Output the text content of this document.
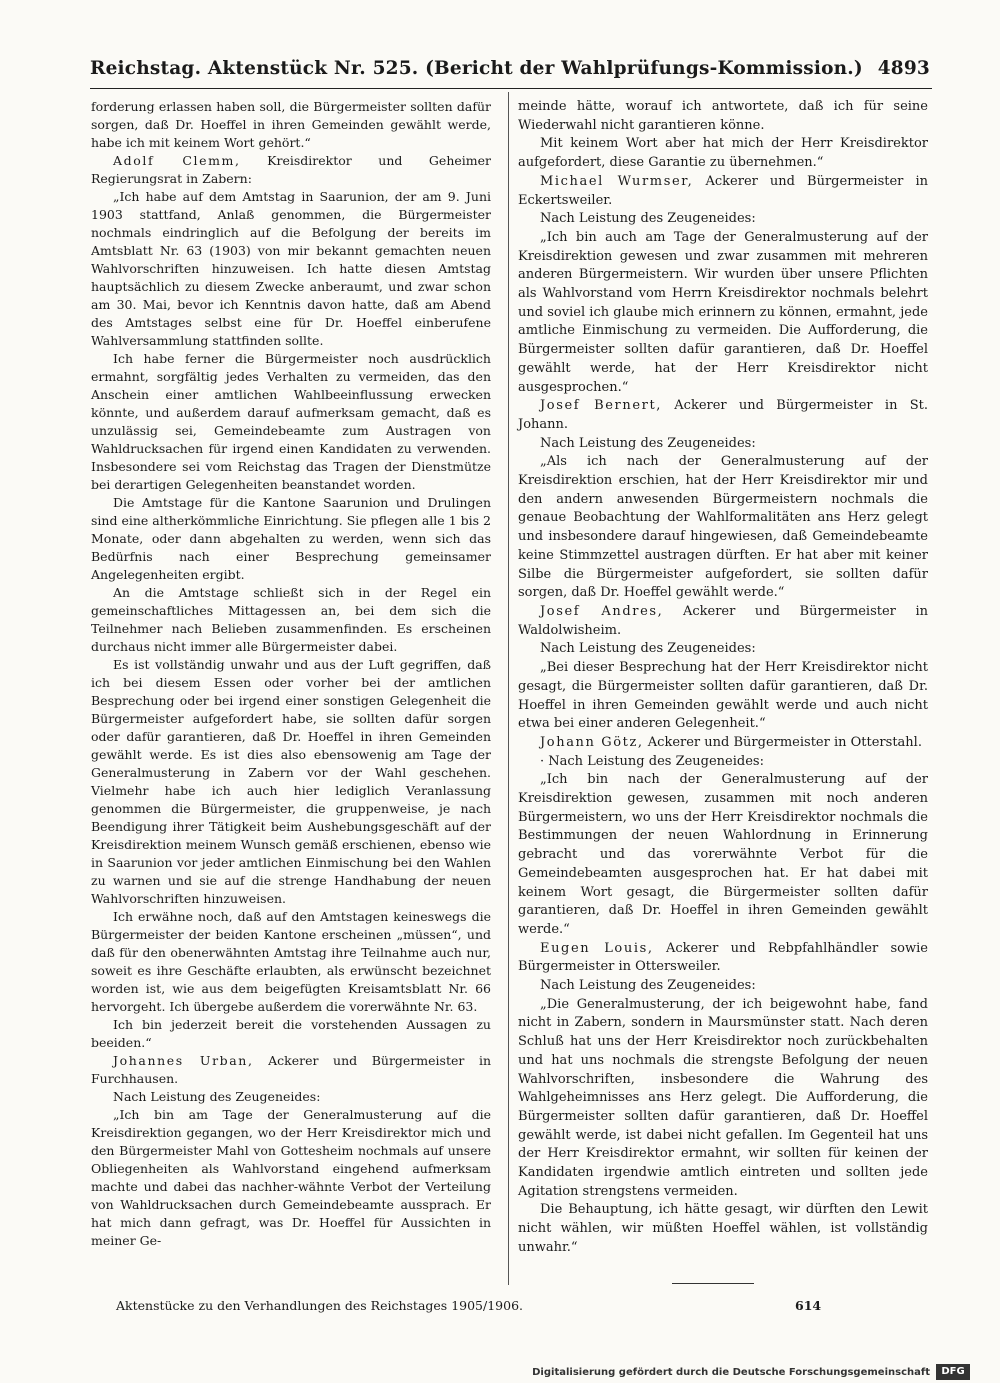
Reichstag. Aktenstück Nr. 525. (Bericht der Wahlprüfungs-Kommission.) 4893

forderung erlassen haben soll, die Bürgermeister sollten dafür sorgen, daß Dr. Hoeffel in ihren Gemeinden gewählt werde, habe ich mit keinem Wort gehört.“

Adolf Clemm, Kreisdirektor und Geheimer Regierungsrat in Zabern:

„Ich habe auf dem Amtstag in Saarunion, der am 9. Juni 1903 stattfand, Anlaß genommen, die Bürgermeister nochmals eindringlich auf die Befolgung der bereits im Amtsblatt Nr. 63 (1903) von mir bekannt gemachten neuen Wahlvorschriften hinzuweisen. Ich hatte diesen Amtstag hauptsächlich zu diesem Zwecke anberaumt, und zwar schon am 30. Mai, bevor ich Kenntnis davon hatte, daß am Abend des Amtstages selbst eine für Dr. Hoeffel einberufene Wahlversammlung stattfinden sollte.

Ich habe ferner die Bürgermeister noch ausdrücklich ermahnt, sorgfältig jedes Verhalten zu vermeiden, das den Anschein einer amtlichen Wahlbeeinflussung erwecken könnte, und außerdem darauf aufmerksam gemacht, daß es unzulässig sei, Gemeindebeamte zum Austragen von Wahldrucksachen für irgend einen Kandidaten zu verwenden. Insbesondere sei vom Reichstag das Tragen der Dienstmütze bei derartigen Gelegenheiten beanstandet worden.

Die Amtstage für die Kantone Saarunion und Drulingen sind eine altherkömmliche Einrichtung. Sie pflegen alle 1 bis 2 Monate, oder dann abgehalten zu werden, wenn sich das Bedürfnis nach einer Besprechung gemeinsamer Angelegenheiten ergibt.

An die Amtstage schließt sich in der Regel ein gemeinschaftliches Mittagessen an, bei dem sich die Teilnehmer nach Belieben zusammenfinden. Es erscheinen durchaus nicht immer alle Bürgermeister dabei.

Es ist vollständig unwahr und aus der Luft gegriffen, daß ich bei diesem Essen oder vorher bei der amtlichen Besprechung oder bei irgend einer sonstigen Gelegenheit die Bürgermeister aufgefordert habe, sie sollten dafür sorgen oder dafür garantieren, daß Dr. Hoeffel in ihren Gemeinden gewählt werde. Es ist dies also ebensowenig am Tage der Generalmusterung in Zabern vor der Wahl geschehen. Vielmehr habe ich auch hier lediglich Veranlassung genommen die Bürgermeister, die gruppenweise, je nach Beendigung ihrer Tätigkeit beim Aushebungsgeschäft auf der Kreisdirektion meinem Wunsch gemäß erschienen, ebenso wie in Saarunion vor jeder amtlichen Einmischung bei den Wahlen zu warnen und sie auf die strenge Handhabung der neuen Wahlvorschriften hinzuweisen.

Ich erwähne noch, daß auf den Amtstagen keineswegs die Bürgermeister der beiden Kantone erscheinen „müssen“, und daß für den obenerwähnten Amtstag ihre Teilnahme auch nur, soweit es ihre Geschäfte erlaubten, als erwünscht bezeichnet worden ist, wie aus dem beigefügten Kreisamtsblatt Nr. 66 hervorgeht. Ich übergebe außerdem die vorerwähnte Nr. 63.

Ich bin jederzeit bereit die vorstehenden Aussagen zu beeiden.“

Johannes Urban, Ackerer und Bürgermeister in Furchhausen.

Nach Leistung des Zeugeneides:

„Ich bin am Tage der Generalmusterung auf die Kreisdirektion gegangen, wo der Herr Kreisdirektor mich und den Bürgermeister Mahl von Gottesheim nochmals auf unsere Obliegenheiten als Wahlvorstand eingehend aufmerksam machte und dabei das nachher-wähnte Verbot der Verteilung von Wahldrucksachen durch Gemeindebeamte aussprach. Er hat mich dann gefragt, was Dr. Hoeffel für Aussichten in meiner Ge-

meinde hätte, worauf ich antwortete, daß ich für seine Wiederwahl nicht garantieren könne.

Mit keinem Wort aber hat mich der Herr Kreisdirektor aufgefordert, diese Garantie zu übernehmen.“

Michael Wurmser, Ackerer und Bürgermeister in Eckertsweiler.

Nach Leistung des Zeugeneides:

„Ich bin auch am Tage der Generalmusterung auf der Kreisdirektion gewesen und zwar zusammen mit mehreren anderen Bürgermeistern. Wir wurden über unsere Pflichten als Wahlvorstand vom Herrn Kreisdirektor nochmals belehrt und soviel ich glaube mich erinnern zu können, ermahnt, jede amtliche Einmischung zu vermeiden. Die Aufforderung, die Bürgermeister sollten dafür garantieren, daß Dr. Hoeffel gewählt werde, hat der Herr Kreisdirektor nicht ausgesprochen.“

Josef Bernert, Ackerer und Bürgermeister in St. Johann.

Nach Leistung des Zeugeneides:

„Als ich nach der Generalmusterung auf der Kreisdirektion erschien, hat der Herr Kreisdirektor mir und den andern anwesenden Bürgermeistern nochmals die genaue Beobachtung der Wahlformalitäten ans Herz gelegt und insbesondere darauf hingewiesen, daß Gemeindebeamte keine Stimmzettel austragen dürften. Er hat aber mit keiner Silbe die Bürgermeister aufgefordert, sie sollten dafür sorgen, daß Dr. Hoeffel gewählt werde.“

Josef Andres, Ackerer und Bürgermeister in Waldolwisheim.

Nach Leistung des Zeugeneides:

„Bei dieser Besprechung hat der Herr Kreisdirektor nicht gesagt, die Bürgermeister sollten dafür garantieren, daß Dr. Hoeffel in ihren Gemeinden gewählt werde und auch nicht etwa bei einer anderen Gelegenheit.“

Johann Götz, Ackerer und Bürgermeister in Otterstahl.

· Nach Leistung des Zeugeneides:

„Ich bin nach der Generalmusterung auf der Kreisdirektion gewesen, zusammen mit noch anderen Bürgermeistern, wo uns der Herr Kreisdirektor nochmals die Bestimmungen der neuen Wahlordnung in Erinnerung gebracht und das vorerwähnte Verbot für die Gemeindebeamten ausgesprochen hat. Er hat dabei mit keinem Wort gesagt, die Bürgermeister sollten dafür garantieren, daß Dr. Hoeffel in ihren Gemeinden gewählt werde.“

Eugen Louis, Ackerer und Rebpfahlhändler sowie Bürgermeister in Ottersweiler.

Nach Leistung des Zeugeneides:

„Die Generalmusterung, der ich beigewohnt habe, fand nicht in Zabern, sondern in Maursmünster statt. Nach deren Schluß hat uns der Herr Kreisdirektor noch zurückbehalten und hat uns nochmals die strengste Befolgung der neuen Wahlvorschriften, insbesondere die Wahrung des Wahlgeheimnisses ans Herz gelegt. Die Aufforderung, die Bürgermeister sollten dafür garantieren, daß Dr. Hoeffel gewählt werde, ist dabei nicht gefallen. Im Gegenteil hat uns der Herr Kreisdirektor ermahnt, wir sollten für keinen der Kandidaten irgendwie amtlich eintreten und sollten jede Agitation strengstens vermeiden.

Die Behauptung, ich hätte gesagt, wir dürften den Lewit nicht wählen, wir müßten Hoeffel wählen, ist vollständig unwahr.“

Aktenstücke zu den Verhandlungen des Reichstages 1905/1906.	614
Digitalisierung gefördert durch die Deutsche Forschungsgemeinschaft	DFG
